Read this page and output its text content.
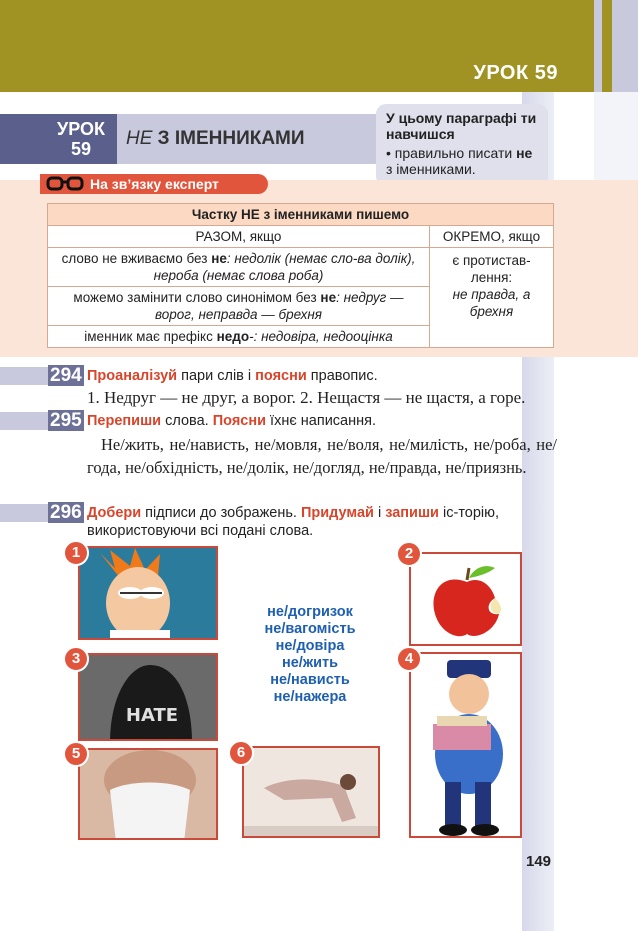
УРОК 59
УРОК
59	НЕ З ІМЕННИКАМИ
У цьому параграфі ти навчишся
• правильно писати не з іменниками.
На зв’язку експерт
Частку НЕ з іменниками пишемо	
РАЗОМ, якщо	ОКРЕМО, якщо
слово не вживаємо без не: недолік (немає сло-ва долік), нероба (немає слова роба)	є протистав-лення:
не правда, а брехня
можемо замінити слово синонімом без не: недруг — ворог, неправда — брехня	
іменник має префікс недо-: недовіра, недооцінка	
294 Проаналізуй пари слів і поясни правопис.
1. Недруг — не друг, а ворог. 2. Нещастя — не щастя, а горе.
295 Перепиши слова. Поясни їхнє написання.
Не/жить, не/нависть, не/мовля, не/воля, не/милість, не/роба, не/года, не/обхідність, не/долік, не/догляд, не/правда, не/приязнь.
296 Добери підписи до зображень. Придумай і запиши іс-торію, використовуючи всі подані слова.
1	2
HATE
3	4
5	6
не/догризок
не/вагомість
не/довіра
не/жить
не/нависть
не/нажера
149
